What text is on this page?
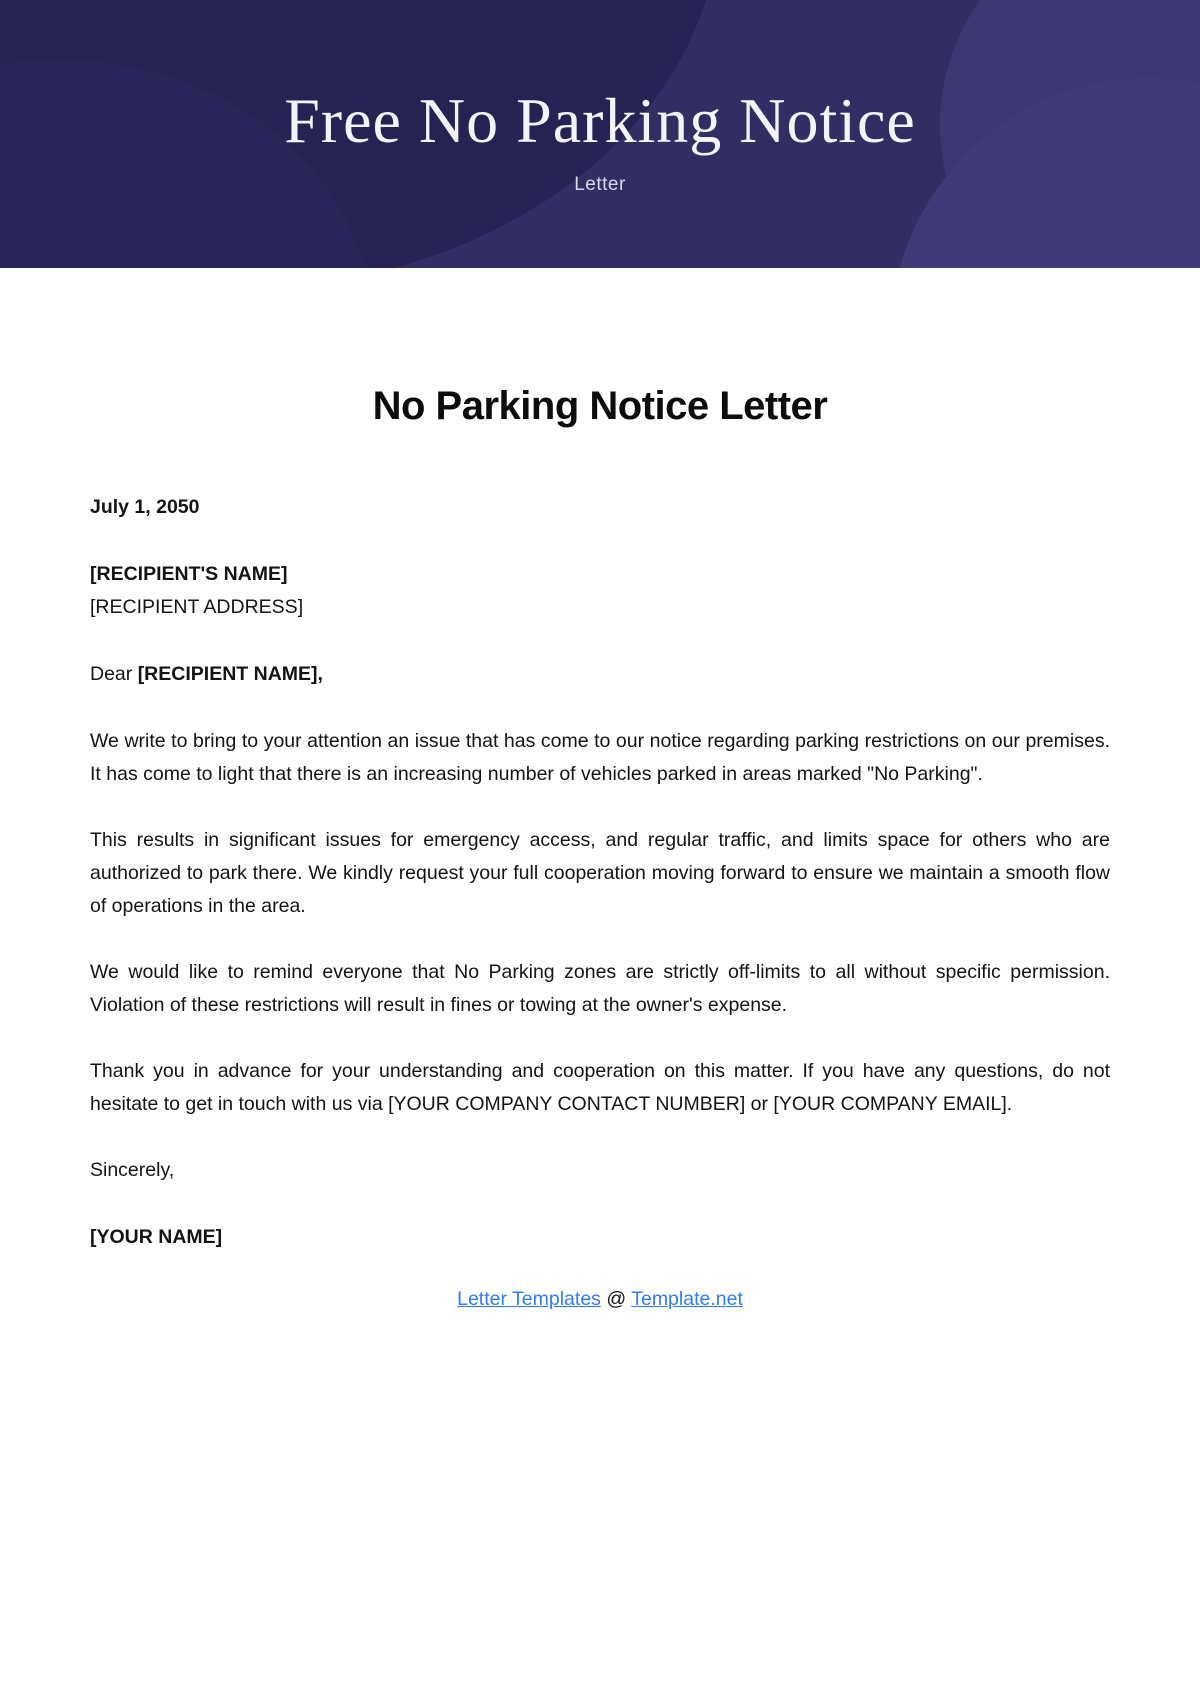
Free No Parking Notice
Letter
No Parking Notice Letter

July 1, 2050

[RECIPIENT'S NAME]
[RECIPIENT ADDRESS]

Dear [RECIPIENT NAME],

We write to bring to your attention an issue that has come to our notice regarding parking restrictions on our premises. It has come to light that there is an increasing number of vehicles parked in areas marked "No Parking".

This results in significant issues for emergency access, and regular traffic, and limits space for others who are authorized to park there. We kindly request your full cooperation moving forward to ensure we maintain a smooth flow of operations in the area.

We would like to remind everyone that No Parking zones are strictly off-limits to all without specific permission. Violation of these restrictions will result in fines or towing at the owner's expense.

Thank you in advance for your understanding and cooperation on this matter. If you have any questions, do not hesitate to get in touch with us via [YOUR COMPANY CONTACT NUMBER] or [YOUR COMPANY EMAIL].

Sincerely,

[YOUR NAME]

Letter Templates @ Template.net
